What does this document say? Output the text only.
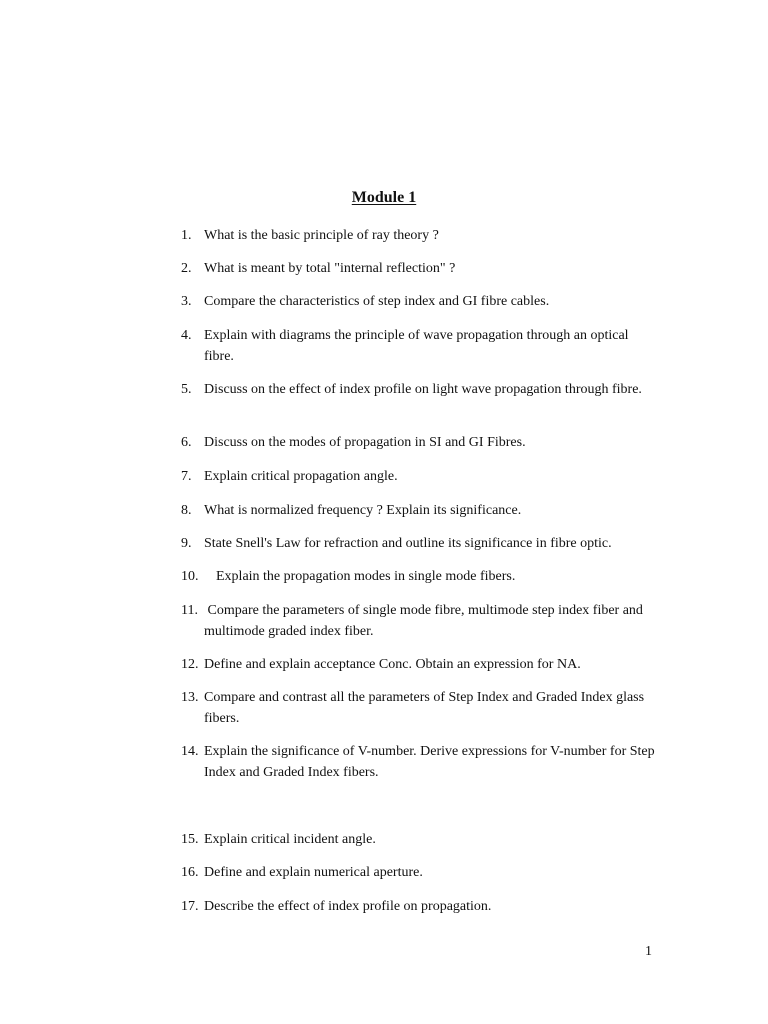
Module 1
1. What is the basic principle of ray theory ?
2. What is meant by total "internal reflection" ?
3. Compare the characteristics of step index and GI fibre cables.
4. Explain with diagrams the principle of wave propagation through an optical fibre.
5. Discuss on the effect of index profile on light wave propagation through fibre.
6. Discuss on the modes of propagation in SI and GI Fibres.
7. Explain critical propagation angle.
8. What is normalized frequency ? Explain its significance.
9. State Snell's Law for refraction and outline its significance in fibre optic.
10. Explain the propagation modes in single mode fibers.
11. Compare the parameters of single mode fibre, multimode step index fiber and multimode graded index fiber.
12. Define and explain acceptance Conc. Obtain an expression for NA.
13. Compare and contrast all the parameters of Step Index and Graded Index glass fibers.
14. Explain the significance of V-number. Derive expressions for V-number for Step Index and Graded Index fibers.
15. Explain critical incident angle.
16. Define and explain numerical aperture.
17. Describe the effect of index profile on propagation.
1
